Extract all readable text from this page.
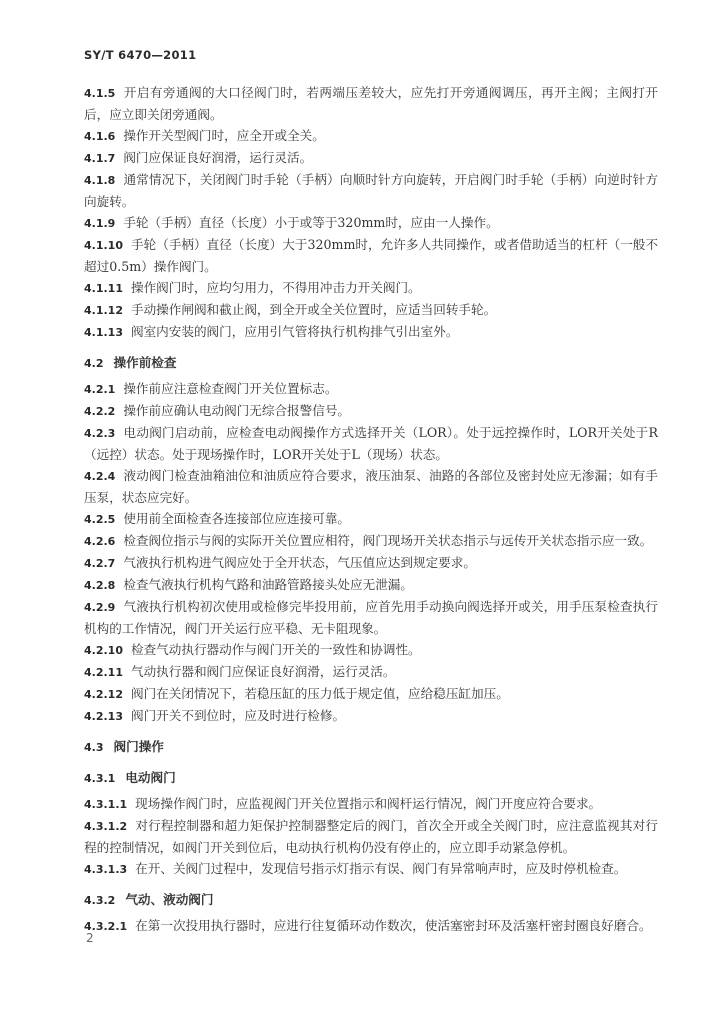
SY/T 6470—2011

4.1.5 开启有旁通阀的大口径阀门时，若两端压差较大，应先打开旁通阀调压，再开主阀；主阀打开后，应立即关闭旁通阀。

4.1.6 操作开关型阀门时，应全开或全关。

4.1.7 阀门应保证良好润滑，运行灵活。

4.1.8 通常情况下，关闭阀门时手轮（手柄）向顺时针方向旋转，开启阀门时手轮（手柄）向逆时针方向旋转。

4.1.9 手轮（手柄）直径（长度）小于或等于320mm时，应由一人操作。

4.1.10 手轮（手柄）直径（长度）大于320mm时，允许多人共同操作，或者借助适当的杠杆（一般不超过0.5m）操作阀门。

4.1.11 操作阀门时，应均匀用力，不得用冲击力开关阀门。

4.1.12 手动操作闸阀和截止阀，到全开或全关位置时，应适当回转手轮。

4.1.13 阀室内安装的阀门，应用引气管将执行机构排气引出室外。

4.2 操作前检查

4.2.1 操作前应注意检查阀门开关位置标志。

4.2.2 操作前应确认电动阀门无综合报警信号。

4.2.3 电动阀门启动前，应检查电动阀操作方式选择开关（LOR）。处于远控操作时，LOR开关处于R（远控）状态。处于现场操作时，LOR开关处于L（现场）状态。

4.2.4 液动阀门检查油箱油位和油质应符合要求，液压油泵、油路的各部位及密封处应无渗漏；如有手压泵，状态应完好。

4.2.5 使用前全面检查各连接部位应连接可靠。

4.2.6 检查阀位指示与阀的实际开关位置应相符，阀门现场开关状态指示与远传开关状态指示应一致。

4.2.7 气液执行机构进气阀应处于全开状态，气压值应达到规定要求。

4.2.8 检查气液执行机构气路和油路管路接头处应无泄漏。

4.2.9 气液执行机构初次使用或检修完毕投用前，应首先用手动换向阀选择开或关，用手压泵检查执行机构的工作情况，阀门开关运行应平稳、无卡阻现象。

4.2.10 检查气动执行器动作与阀门开关的一致性和协调性。

4.2.11 气动执行器和阀门应保证良好润滑，运行灵活。

4.2.12 阀门在关闭情况下，若稳压缸的压力低于规定值，应给稳压缸加压。

4.2.13 阀门开关不到位时，应及时进行检修。

4.3 阀门操作
4.3.1 电动阀门

4.3.1.1 现场操作阀门时，应监视阀门开关位置指示和阀杆运行情况，阀门开度应符合要求。

4.3.1.2 对行程控制器和超力矩保护控制器整定后的阀门，首次全开或全关阀门时，应注意监视其对行程的控制情况，如阀门开关到位后，电动执行机构仍没有停止的，应立即手动紧急停机。

4.3.1.3 在开、关阀门过程中，发现信号指示灯指示有误、阀门有异常响声时，应及时停机检查。

4.3.2 气动、液动阀门

4.3.2.1 在第一次投用执行器时，应进行往复循环动作数次，使活塞密封环及活塞杆密封圈良好磨合。

2
